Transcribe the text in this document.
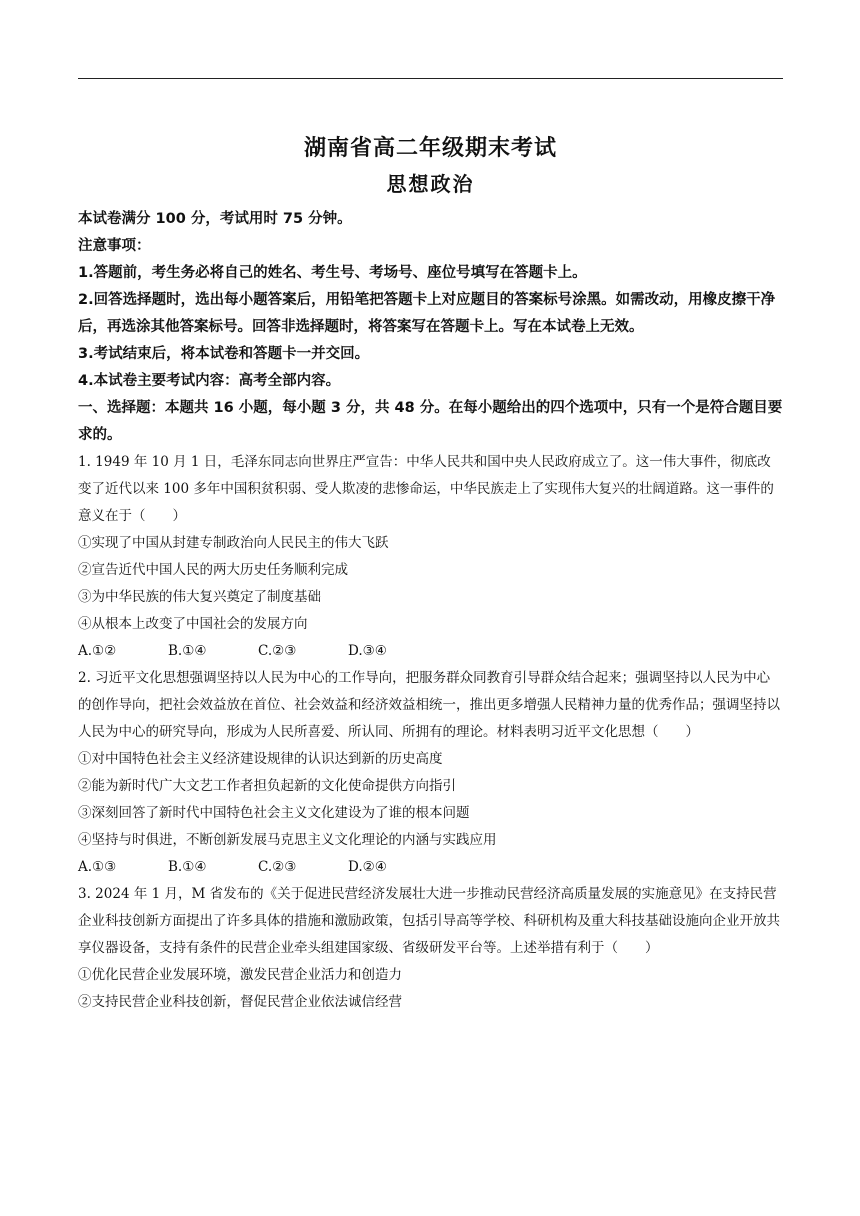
湖南省高二年级期末考试

思想政治

本试卷满分 100 分，考试用时 75 分钟。

注意事项：

1.答题前，考生务必将自己的姓名、考生号、考场号、座位号填写在答题卡上。

2.回答选择题时，选出每小题答案后，用铅笔把答题卡上对应题目的答案标号涂黑。如需改动，用橡皮擦干净后，再选涂其他答案标号。回答非选择题时，将答案写在答题卡上。写在本试卷上无效。

3.考试结束后，将本试卷和答题卡一并交回。

4.本试卷主要考试内容：高考全部内容。

一、选择题：本题共 16 小题，每小题 3 分，共 48 分。在每小题给出的四个选项中，只有一个是符合题目要求的。

1. 1949 年 10 月 1 日，毛泽东同志向世界庄严宣告：中华人民共和国中央人民政府成立了。这一伟大事件，彻底改变了近代以来 100 多年中国积贫积弱、受人欺凌的悲惨命运，中华民族走上了实现伟大复兴的壮阔道路。这一事件的意义在于（　　）

①实现了中国从封建专制政治向人民民主的伟大飞跃

②宣告近代中国人民的两大历史任务顺利完成

③为中华民族的伟大复兴奠定了制度基础

④从根本上改变了中国社会的发展方向

A.①②	B.①④	C.②③	D.③④

2. 习近平文化思想强调坚持以人民为中心的工作导向，把服务群众同教育引导群众结合起来；强调坚持以人民为中心的创作导向，把社会效益放在首位、社会效益和经济效益相统一，推出更多增强人民精神力量的优秀作品；强调坚持以人民为中心的研究导向，形成为人民所喜爱、所认同、所拥有的理论。材料表明习近平文化思想（　　）

①对中国特色社会主义经济建设规律的认识达到新的历史高度

②能为新时代广大文艺工作者担负起新的文化使命提供方向指引

③深刻回答了新时代中国特色社会主义文化建设为了谁的根本问题

④坚持与时俱进，不断创新发展马克思主义文化理论的内涵与实践应用

A.①③	B.①④	C.②③	D.②④

3. 2024 年 1 月，M 省发布的《关于促进民营经济发展壮大进一步推动民营经济高质量发展的实施意见》在支持民营企业科技创新方面提出了许多具体的措施和激励政策，包括引导高等学校、科研机构及重大科技基础设施向企业开放共享仪器设备，支持有条件的民营企业牵头组建国家级、省级研发平台等。上述举措有利于（　　）

①优化民营企业发展环境，激发民营企业活力和创造力

②支持民营企业科技创新，督促民营企业依法诚信经营
